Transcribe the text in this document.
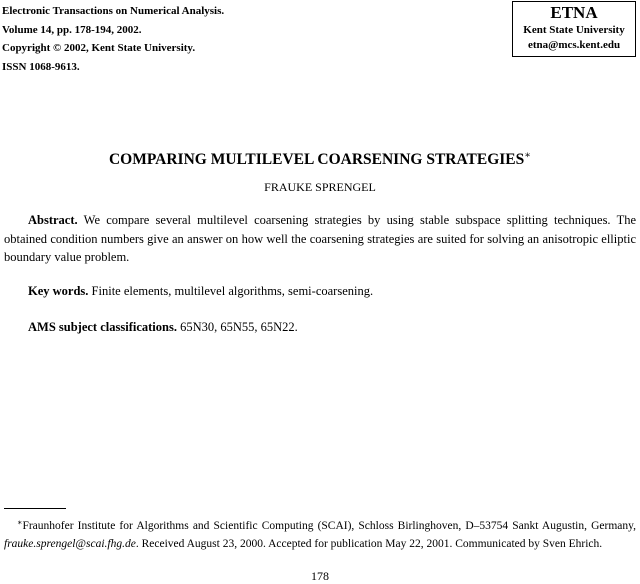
Electronic Transactions on Numerical Analysis.
Volume 14, pp. 178-194, 2002.
Copyright © 2002, Kent State University.
ISSN 1068-9613.
ETNA
Kent State University
etna@mcs.kent.edu
COMPARING MULTILEVEL COARSENING STRATEGIES∗
FRAUKE SPRENGEL
Abstract. We compare several multilevel coarsening strategies by using stable subspace splitting techniques. The obtained condition numbers give an answer on how well the coarsening strategies are suited for solving an anisotropic elliptic boundary value problem.
Key words. Finite elements, multilevel algorithms, semi-coarsening.
AMS subject classifications. 65N30, 65N55, 65N22.
∗Fraunhofer Institute for Algorithms and Scientific Computing (SCAI), Schloss Birlinghoven, D–53754 Sankt Augustin, Germany, frauke.sprengel@scai.fhg.de. Received August 23, 2000. Accepted for publication May 22, 2001. Communicated by Sven Ehrich.
178
